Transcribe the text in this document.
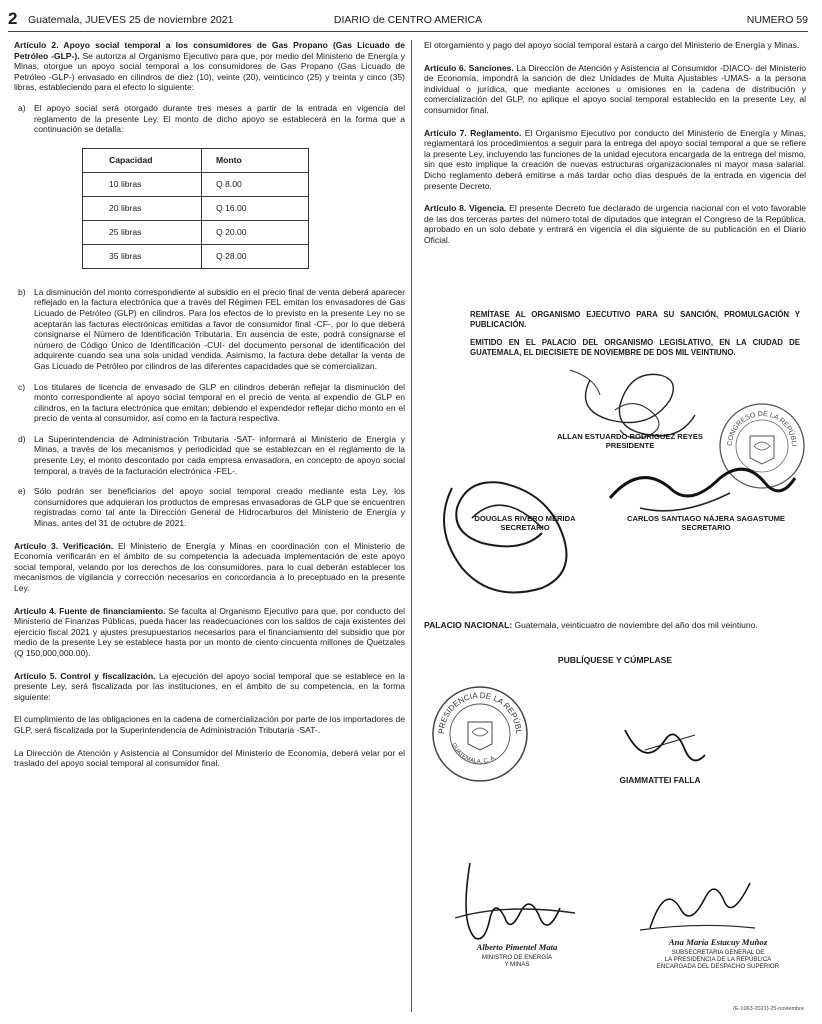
2 Guatemala, JUEVES 25 de noviembre 2021	DIARIO de CENTRO AMERICA	NUMERO 59

Artículo 2. Apoyo social temporal a los consumidores de Gas Propano (Gas Licuado de Petróleo -GLP-). Se autoriza al Organismo Ejecutivo para que, por medio del Ministerio de Energía y Minas, otorgue un apoyo social temporal a los consumidores de Gas Propano (Gas Licuado de Petróleo -GLP-) envasado en cilindros de diez (10), veinte (20), veinticinco (25) y treinta y cinco (35) libras, estableciendo para el efecto lo siguiente:

a) El apoyo social será otorgado durante tres meses a partir de la entrada en vigencia del reglamento de la presente Ley. El monto de dicho apoyo se establecerá en la forma que a continuación se detalla:
Capacidad	Monto
10 libras	Q 8.00
20 libras	Q 16.00
25 libras	Q 20.00
35 libras	Q 28.00
b) La disminución del monto correspondiente al subsidio en el precio final de venta deberá aparecer reflejado en la factura electrónica que a través del Régimen FEL emitan los envasadores de Gas Licuado de Petróleo (GLP) en cilindros. Para los efectos de lo previsto en la presente Ley no se aceptarán las facturas electrónicas emitidas a favor de consumidor final -CF-, por lo que deberá consignarse el Número de Identificación Tributaria. En ausencia de este, podrá consignarse el número de Código Único de Identificación -CUI- del documento personal de identificación del adquirente cuando sea una sola unidad vendida. Asimismo, la factura debe detallar la venta de Gas Licuado de Petróleo por cilindros de las diferentes capacidades que se comercializan.
c)	Los titulares de licencia de envasado de GLP en cilindros deberán reflejar la disminución del monto correspondiente al apoyo social temporal en el precio de venta al expendio de GLP en cilindros, en la factura electrónica que emitan; debiendo el expendedor reflejar dicho monto en el precio de venta al consumidor, así como en la factura respectiva.
d) La Superintendencia de Administración Tributaria -SAT- informará al Ministerio de Energía y Minas, a través de los mecanismos y periodicidad que se establezcan en el reglamento de la presente Ley, el monto descontado por cada empresa envasadora, en concepto de apoyo social temporal, a través de la facturación electrónica -FEL-.
e) Sólo podrán ser beneficiarios del apoyo social temporal creado mediante esta Ley, los consumidores que adquieran los productos de empresas envasadoras de GLP que se encuentren registradas como tal ante la Dirección General de Hidrocarburos del Ministerio de Energía y Minas, antes del 31 de octubre de 2021.

Artículo 3. Verificación. El Ministerio de Energía y Minas en coordinación con el Ministerio de Economía verificarán en el ámbito de su competencia la adecuada implementación de este apoyo social temporal, velando por los derechos de los consumidores, para lo cual deberán establecer los mecanismos de vigilancia y corrección necesarios en concordancia a lo preceptuado en la presente Ley.

Artículo 4. Fuente de financiamiento. Se faculta al Organismo Ejecutivo para que, por conducto del Ministerio de Finanzas Públicas, pueda hacer las readecuaciones con los saldos de caja existentes del ejercicio fiscal 2021 y ajustes presupuestarios necesarios para el financiamiento del subsidio que por medio de la presente Ley se establece hasta por un monto de ciento cincuenta millones de Quetzales (Q 150,000,000.00).

Artículo 5. Control y fiscalización. La ejecución del apoyo social temporal que se establece en la presente Ley, será fiscalizada por las instituciones, en el ámbito de su competencia, en la forma siguiente:

El cumplimiento de las obligaciones en la cadena de comercialización por parte de los importadores de GLP, será fiscalizada por la Superintendencia de Administración Tributaria -SAT-.

La Dirección de Atención y Asistencia al Consumidor del Ministerio de Economía, deberá velar por el traslado del apoyo social temporal al consumidor final.

El otorgamiento y pago del apoyo social temporal estará a cargo del Ministerio de Energía y Minas.

Artículo 6. Sanciones. La Dirección de Atención y Asistencia al Consumidor -DIACO- del Ministerio de Economía, impondrá la sanción de diez Unidades de Multa Ajustables -UMAS- a la persona individual o jurídica, que mediante acciones u omisiones en la cadena de distribución y comercialización del GLP, no aplique el apoyo social temporal establecido en la presente Ley, al consumidor final.

Artículo 7. Reglamento. El Organismo Ejecutivo por conducto del Ministerio de Energía y Minas, reglamentará los procedimientos a seguir para la entrega del apoyo social temporal a que se refiere la presente Ley, incluyendo las funciones de la unidad ejecutora encargada de la entrega del mismo, sin que esto implique la creación de nuevas estructuras organizacionales ni mayor masa salarial. Dicho reglamento deberá emitirse a más tardar ocho días después de la entrada en vigencia del presente Decreto.

Artículo 8. Vigencia. El presente Decreto fue declarado de urgencia nacional con el voto favorable de las dos terceras partes del número total de diputados que integran el Congreso de la República, aprobado en un solo debate y entrará en vigencia el día siguiente de su publicación en el Diario Oficial.

REMÍTASE AL ORGANISMO EJECUTIVO PARA SU SANCIÓN, PROMULGACIÓN Y PUBLICACIÓN.
EMITIDO EN EL PALACIO DEL ORGANISMO LEGISLATIVO, EN LA CIUDAD DE GUATEMALA, EL DIECISIETE DE NOVIEMBRE DE DOS MIL VEINTIUNO.
CONGRESO DE LA REPÚBLICA
ALLAN ESTUARDO RODRÍGUEZ REYES
PRESIDENTE
DOUGLAS RIVERO MÉRIDA
SECRETARIO
CARLOS SANTIAGO NÁJERA SAGASTUME
SECRETARIO
PALACIO NACIONAL: Guatemala, veinticuatro de noviembre del año dos mil veintiuno.
PUBLÍQUESE Y CÚMPLASE
PRESIDENCIA DE LA REPÚBLICA
GUATEMALA, C. A.
GIAMMATTEI FALLA
Alberto Pimentel Mata
MINISTRO DE ENERGÍA
Y MINAS
Ana María Estacuy Muñoz
SUBSECRETARIA GENERAL DE
LA PRESIDENCIA DE LA REPÚBLICA
ENCARGADA DEL DESPACHO SUPERIOR
(E-1063-2021)-25-noviembre
